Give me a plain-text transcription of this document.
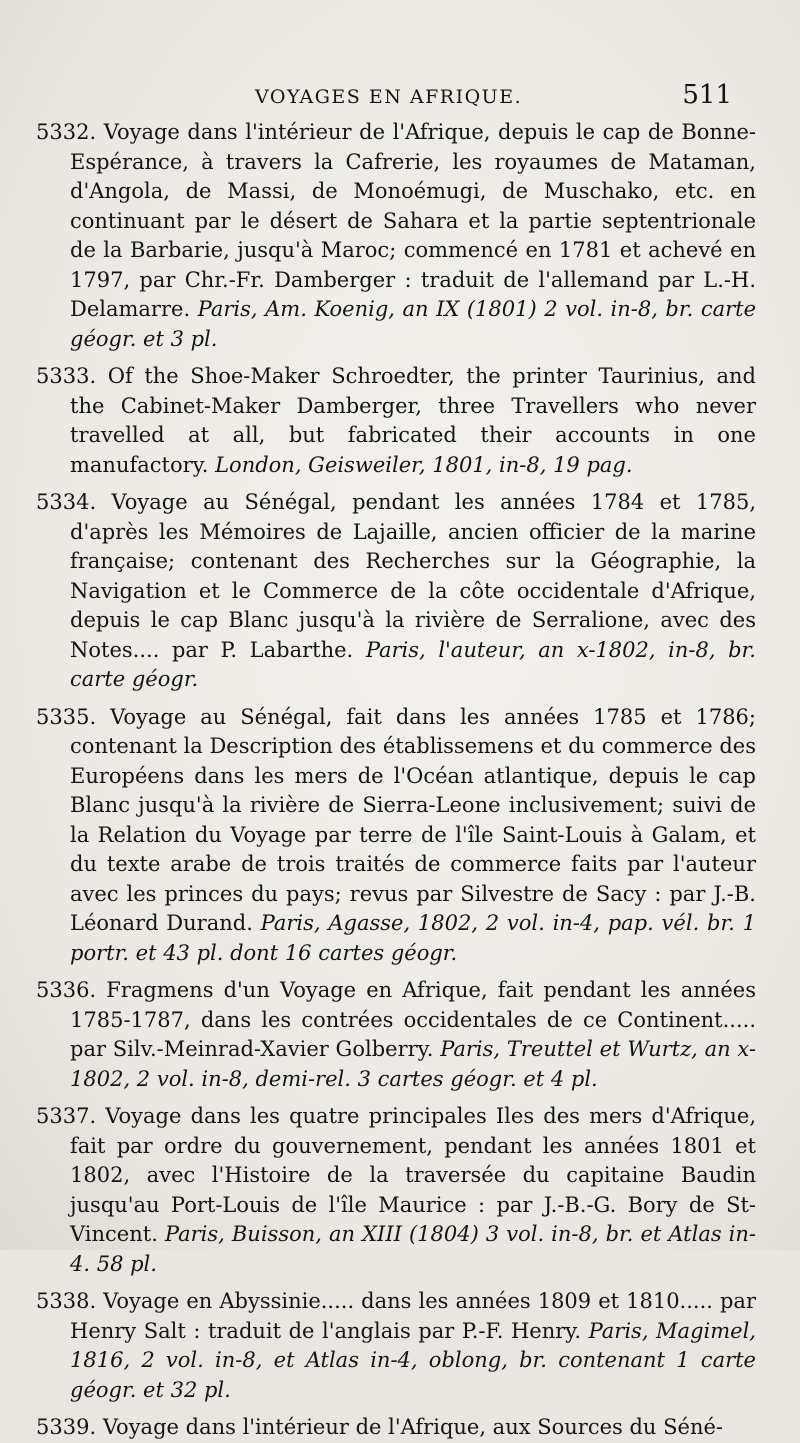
VOYAGES EN AFRIQUE.	511

5332. Voyage dans l'intérieur de l'Afrique, depuis le cap de Bonne-Espérance, à travers la Cafrerie, les royaumes de Mataman, d'Angola, de Massi, de Monoémugi, de Muschako, etc. en continuant par le désert de Sahara et la partie septentrionale de la Barbarie, jusqu'à Maroc; commencé en 1781 et achevé en 1797, par Chr.-Fr. Damberger : traduit de l'allemand par L.-H. Delamarre. Paris, Am. Koenig, an IX (1801) 2 vol. in-8, br. carte géogr. et 3 pl.

5333. Of the Shoe-Maker Schroedter, the printer Taurinius, and the Cabinet-Maker Damberger, three Travellers who never travelled at all, but fabricated their accounts in one manufactory. London, Geisweiler, 1801, in-8, 19 pag.

5334. Voyage au Sénégal, pendant les années 1784 et 1785, d'après les Mémoires de Lajaille, ancien officier de la marine française; contenant des Recherches sur la Géographie, la Navigation et le Commerce de la côte occidentale d'Afrique, depuis le cap Blanc jusqu'à la rivière de Serralione, avec des Notes.... par P. Labarthe. Paris, l'auteur, an x-1802, in-8, br. carte géogr.

5335. Voyage au Sénégal, fait dans les années 1785 et 1786; contenant la Description des établissemens et du commerce des Européens dans les mers de l'Océan atlantique, depuis le cap Blanc jusqu'à la rivière de Sierra-Leone inclusivement; suivi de la Relation du Voyage par terre de l'île Saint-Louis à Galam, et du texte arabe de trois traités de commerce faits par l'auteur avec les princes du pays; revus par Silvestre de Sacy : par J.-B. Léonard Durand. Paris, Agasse, 1802, 2 vol. in-4, pap. vél. br. 1 portr. et 43 pl. dont 16 cartes géogr.

5336. Fragmens d'un Voyage en Afrique, fait pendant les années 1785-1787, dans les contrées occidentales de ce Continent..... par Silv.-Meinrad-Xavier Golberry. Paris, Treuttel et Wurtz, an x-1802, 2 vol. in-8, demi-rel. 3 cartes géogr. et 4 pl.

5337. Voyage dans les quatre principales Iles des mers d'Afrique, fait par ordre du gouvernement, pendant les années 1801 et 1802, avec l'Histoire de la traversée du capitaine Baudin jusqu'au Port-Louis de l'île Maurice : par J.-B.-G. Bory de St-Vincent. Paris, Buisson, an XIII (1804) 3 vol. in-8, br. et Atlas in-4. 58 pl.

5338. Voyage en Abyssinie..... dans les années 1809 et 1810..... par Henry Salt : traduit de l'anglais par P.-F. Henry. Paris, Magimel, 1816, 2 vol. in-8, et Atlas in-4, oblong, br. contenant 1 carte géogr. et 32 pl.

5339. Voyage dans l'intérieur de l'Afrique, aux Sources du Séné-
